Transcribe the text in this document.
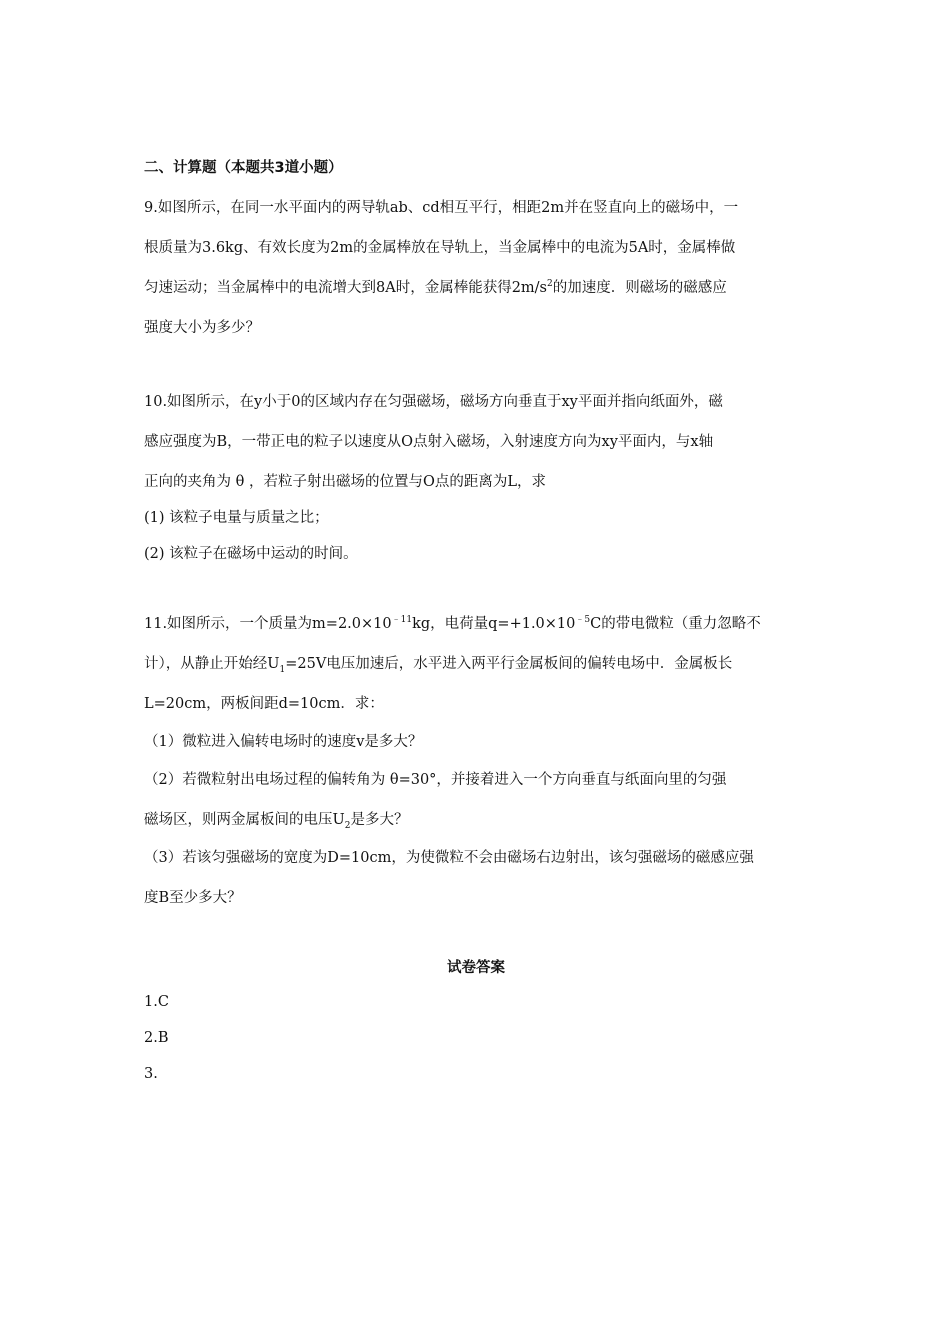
二、计算题（本题共3道小题）
9.如图所示，在同一水平面内的两导轨ab、cd相互平行，相距2m并在竖直向上的磁场中，一
根质量为3.6kg、有效长度为2m的金属棒放在导轨上，当金属棒中的电流为5A时，金属棒做
匀速运动；当金属棒中的电流增大到8A时，金属棒能获得$2m/s^2$的加速度．则磁场的磁感应
强度大小为多少？
10.如图所示，在y小于0的区域内存在匀强磁场，磁场方向垂直于xy平面并指向纸面外，磁
感应强度为B，一带正电的粒子以速度从O点射入磁场，入射速度方向为xy平面内，与x轴
正向的夹角为 θ ，若粒子射出磁场的位置与O点的距离为L，求
(1) 该粒子电量与质量之比；
(2) 该粒子在磁场中运动的时间。
11.如图所示，一个质量为$m=2.0\times 10^{﹣11}kg$，电荷量$q=+1.0\times 10^{﹣5}C$的带电微粒（重力忽略不
计），从静止开始经$U_1=25V$电压加速后，水平进入两平行金属板间的偏转电场中．金属板长
L=20cm，两板间距d=10cm．求：
（1）微粒进入偏转电场时的速度v是多大？
（2）若微粒射出电场过程的偏转角为 θ=30°，并接着进入一个方向垂直与纸面向里的匀强
磁场区，则两金属板间的电压$U_2$是多大？
（3）若该匀强磁场的宽度为D=10cm，为使微粒不会由磁场右边射出，该匀强磁场的磁感应强
度B至少多大？
试卷答案
1.C
2.B
3.
